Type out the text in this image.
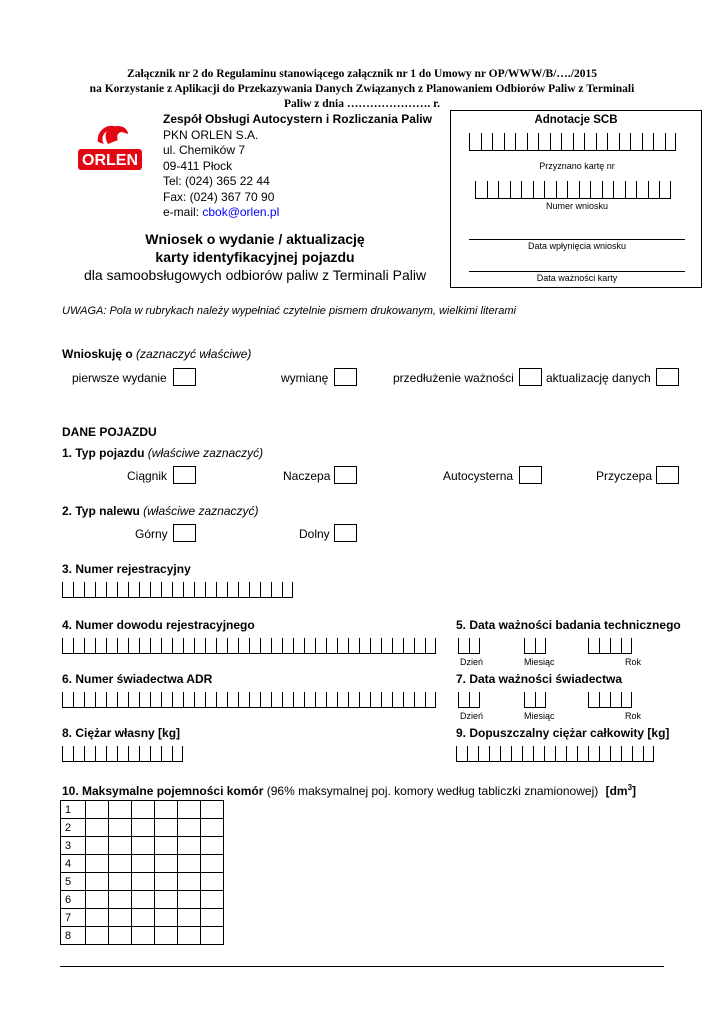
Załącznik nr 2 do Regulaminu stanowiącego załącznik nr 1 do Umowy nr OP/WWW/B/…./2015
na Korzystanie z Aplikacji do Przekazywania Danych Związanych z Planowaniem Odbiorów Paliw z Terminali
Paliw z dnia …………………. r.
ORLEN
Zespół Obsługi Autocystern i Rozliczania Paliw
PKN ORLEN S.A.
ul. Chemików 7
09-411 Płock
Tel: (024) 365 22 44
Fax: (024) 367 70 90
e-mail: cbok@orlen.pl
Adnotacje SCB
Przyznano kartę nr
Numer wniosku
Data wpłynięcia wniosku
Data ważności karty
Wniosek o wydanie / aktualizację
karty identyfikacyjnej pojazdu
dla samoobsługowych odbiorów paliw z Terminali Paliw
UWAGA: Pola w rubrykach należy wypełniać czytelnie pismem drukowanym, wielkimi literami
Wnioskuję o (zaznaczyć właściwe)
pierwsze wydanie	wymianę	przedłużenie ważności	aktualizację danych
DANE POJAZDU
1. Typ pojazdu (właściwe zaznaczyć)
Ciągnik	Naczepa	Autocysterna	Przyczepa
2. Typ nalewu (właściwe zaznaczyć)
Górny	Dolny
3. Numer rejestracyjny
4. Numer dowodu rejestracyjnego	5. Data ważności badania technicznego
Dzień	Miesiąc	Rok
6. Numer świadectwa ADR	7. Data ważności świadectwa
Dzień	Miesiąc	Rok
8. Ciężar własny [kg]	9. Dopuszczalny ciężar całkowity [kg]
10. Maksymalne pojemności komór (96% maksymalnej poj. komory według tabliczki znamionowej) $[dm^3]$
1						
2						
3						
4						
5						
6						
7						
8						
